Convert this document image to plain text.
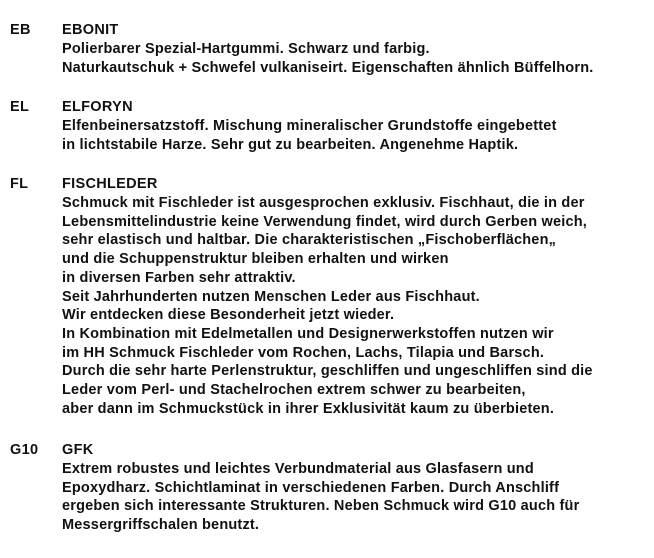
EB EBONIT
Polierbarer Spezial-Hartgummi. Schwarz und farbig.
Naturkautschuk + Schwefel vulkaniseirt. Eigenschaften ähnlich Büffelhorn.
EL ELFORYN
Elfenbeinersatzstoff. Mischung mineralischer Grundstoffe eingebettet
in lichtstabile Harze. Sehr gut zu bearbeiten. Angenehme Haptik.
FL FISCHLEDER
Schmuck mit Fischleder ist ausgesprochen exklusiv. Fischhaut, die in der
Lebensmittelindustrie keine Verwendung findet, wird durch Gerben weich,
sehr elastisch und haltbar. Die charakteristischen „Fischoberflächen„
und die Schuppenstruktur bleiben erhalten und wirken
in diversen Farben sehr attraktiv.
Seit Jahrhunderten nutzen Menschen Leder aus Fischhaut.
Wir entdecken diese Besonderheit jetzt wieder.
In Kombination mit Edelmetallen und Designerwerkstoffen nutzen wir
im HH Schmuck Fischleder vom Rochen, Lachs, Tilapia und Barsch.
Durch die sehr harte Perlenstruktur, geschliffen und ungeschliffen sind die
Leder vom Perl- und Stachelrochen extrem schwer zu bearbeiten,
aber dann im Schmuckstück in ihrer Exklusivität kaum zu überbieten.
G10 GFK
Extrem robustes und leichtes Verbundmaterial aus Glasfasern und
Epoxydharz. Schichtlaminat in verschiedenen Farben. Durch Anschliff
ergeben sich interessante Strukturen. Neben Schmuck wird G10 auch für
Messergriffschalen benutzt.
